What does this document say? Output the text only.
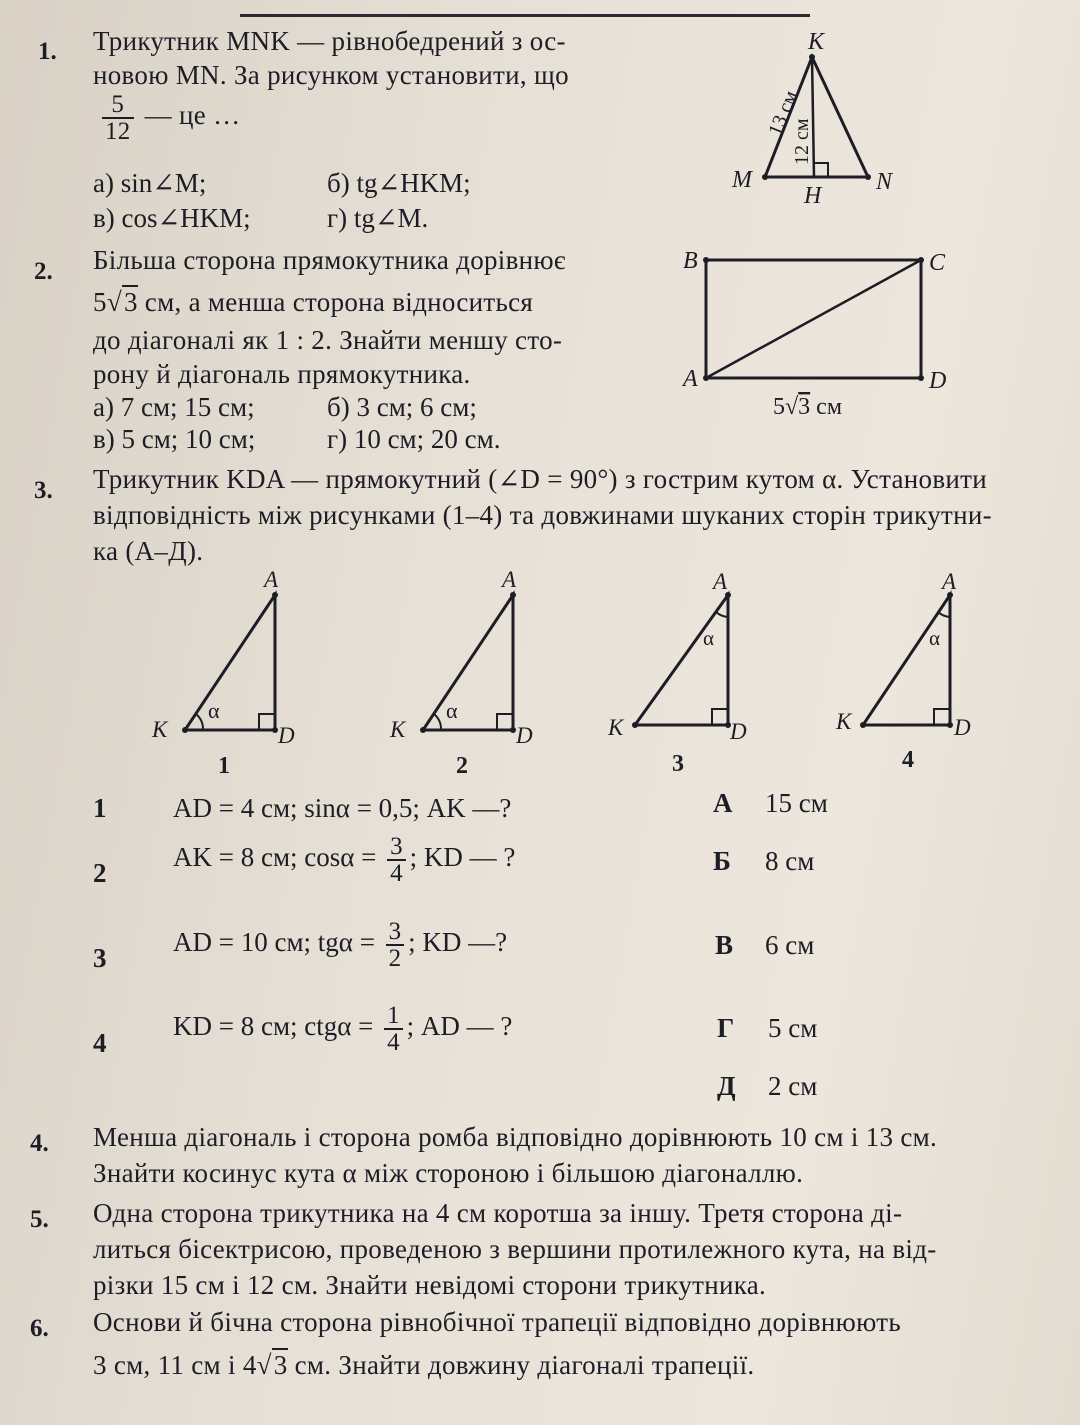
1. Трикутник MNK — рівнобедрений з ос-
новою MN. За рисунком установити, що
$\frac{5}{12}$ — це …
а) sin∠M;	б) tg∠HKM;
в) cos∠HKM;	г) tg∠M.
K
M	N
H
13 см
12 см
2. Більша сторона прямокутника дорівнює
5√3 см, а менша сторона відноситься
до діагоналі як 1 : 2. Знайти меншу сто-
рону й діагональ прямокутника.
а) 7 см; 15 см;	б) 3 см; 6 см;
в) 5 см; 10 см;	г) 10 см; 20 см.
B	C
A	D
5√3 см
3. Трикутник KDA — прямокутний (∠D = 90°) з гострим кутом α. Установити
відповідність між рисунками (1–4) та довжинами шуканих сторін трикутни-
ка (А–Д).
A
K	D
α
1
A
K	D
α
2
A
K	D
α
3
A
K	D
α
4
1 AD = 4 см; sinα = 0,5; AK —?
2
AK = 8 см; $\cos\alpha = \frac{3}{4}$ ; KD — ?
3
AD = 10 см; $tg\alpha = \frac{3}{2}$ ; KD —?
4
KD = 8 см; $ctg\alpha = \frac{1}{4}$ ; AD — ?
А 15 см
Б 8 см
В 6 см
Г 5 см
Д 2 см
4. Менша діагональ і сторона ромба відповідно дорівнюють 10 см і 13 см.
Знайти косинус кута α між стороною і більшою діагоналлю.
5. Одна сторона трикутника на 4 см коротша за іншу. Третя сторона ді-
литься бісектрисою, проведеною з вершини протилежного кута, на від-
різки 15 см і 12 см. Знайти невідомі сторони трикутника.
6. Основи й бічна сторона рівнобічної трапеції відповідно дорівнюють
3 см, 11 см і 4√3 см. Знайти довжину діагоналі трапеції.
